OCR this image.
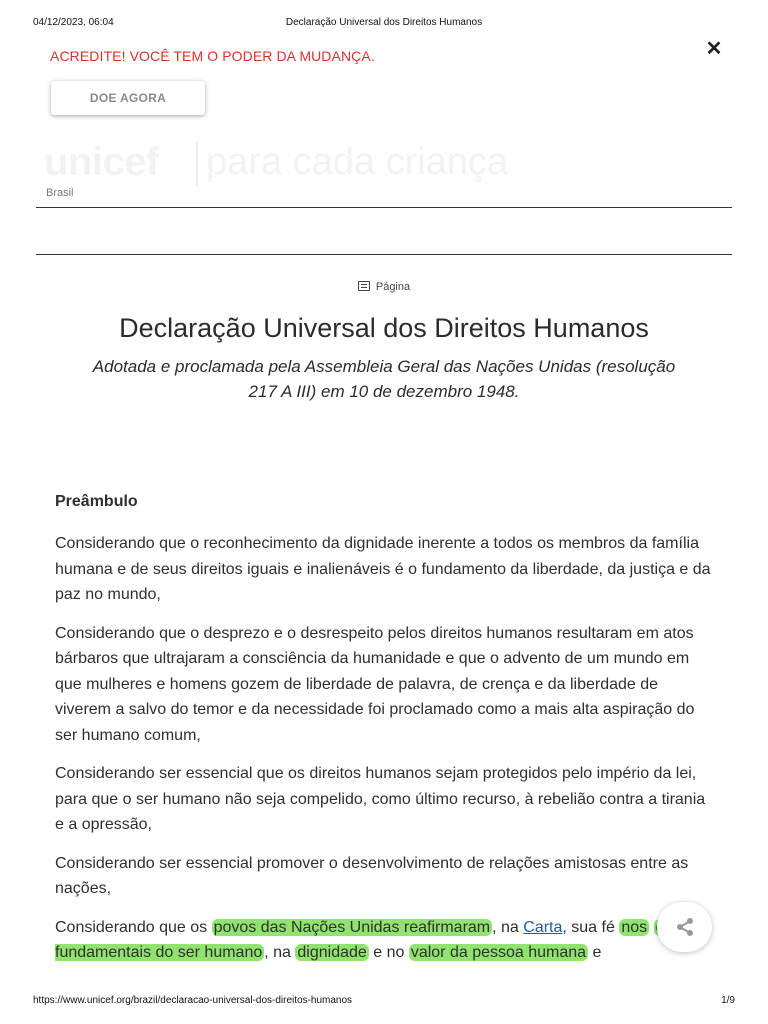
04/12/2023, 06:04	Declaração Universal dos Direitos Humanos
ACREDITE! VOCÊ TEM O PODER DA MUDANÇA.	✕
DOE AGORA
unicef para cada criança
Brasil
Página
Declaração Universal dos Direitos Humanos
Adotada e proclamada pela Assembleia Geral das Nações Unidas (resolução 217 A III) em 10 de dezembro 1948.
Preâmbulo

Considerando que o reconhecimento da dignidade inerente a todos os membros da família humana e de seus direitos iguais e inalienáveis é o fundamento da liberdade, da justiça e da paz no mundo,

Considerando que o desprezo e o desrespeito pelos direitos humanos resultaram em atos bárbaros que ultrajaram a consciência da humanidade e que o advento de um mundo em que mulheres e homens gozem de liberdade de palavra, de crença e da liberdade de viverem a salvo do temor e da necessidade foi proclamado como a mais alta aspiração do ser humano comum,

Considerando ser essencial que os direitos humanos sejam protegidos pelo império da lei, para que o ser humano não seja compelido, como último recurso, à rebelião contra a tirania e a opressão,

Considerando ser essencial promover o desenvolvimento de relações amistosas entre as nações,

Considerando que os povos das Nações Unidas reafirmaram , na Carta, sua fé nos fundamentais do ser humano , na dignidade e no valor da pessoa humana e

https://www.unicef.org/brazil/declaracao-universal-dos-direitos-humanos	1/9
